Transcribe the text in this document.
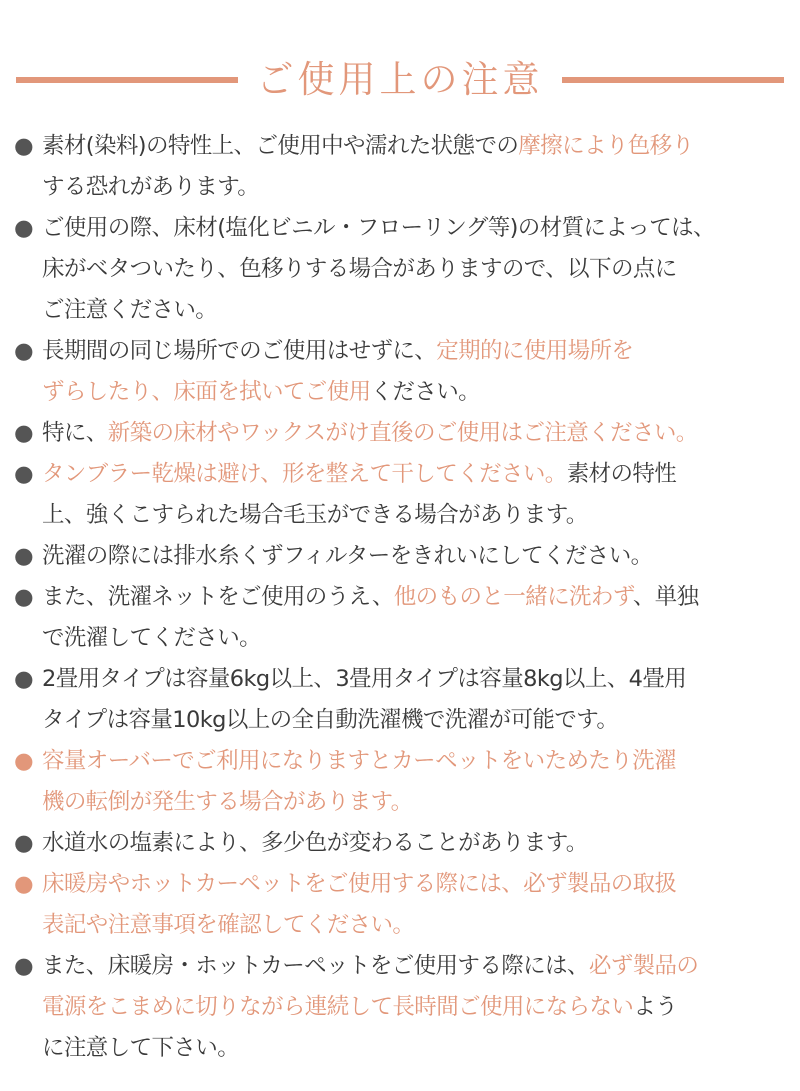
ご使用上の注意
● 素材(染料)の特性上、ご使用中や濡れた状態での摩擦により色移り
する恐れがあります。
● ご使用の際、床材(塩化ビニル・フローリング等)の材質によっては、
床がベタついたり、色移りする場合がありますので、以下の点に
ご注意ください。
● 長期間の同じ場所でのご使用はせずに、定期的に使用場所を
ずらしたり、床面を拭いてご使用ください。
● 特に、新築の床材やワックスがけ直後のご使用はご注意ください。
● タンブラー乾燥は避け、形を整えて干してください。素材の特性
上、強くこすられた場合毛玉ができる場合があります。
● 洗濯の際には排水糸くずフィルターをきれいにしてください。
● また、洗濯ネットをご使用のうえ、他のものと一緒に洗わず、単独
で洗濯してください。
● 2畳用タイプは容量6kg以上、3畳用タイプは容量8kg以上、4畳用
タイプは容量10kg以上の全自動洗濯機で洗濯が可能です。
● 容量オーバーでご利用になりますとカーペットをいためたり洗濯
機の転倒が発生する場合があります。
● 水道水の塩素により、多少色が変わることがあります。
● 床暖房やホットカーペットをご使用する際には、必ず製品の取扱
表記や注意事項を確認してください。
● また、床暖房・ホットカーペットをご使用する際には、必ず製品の
電源をこまめに切りながら連続して長時間ご使用にならないよう
に注意して下さい。
